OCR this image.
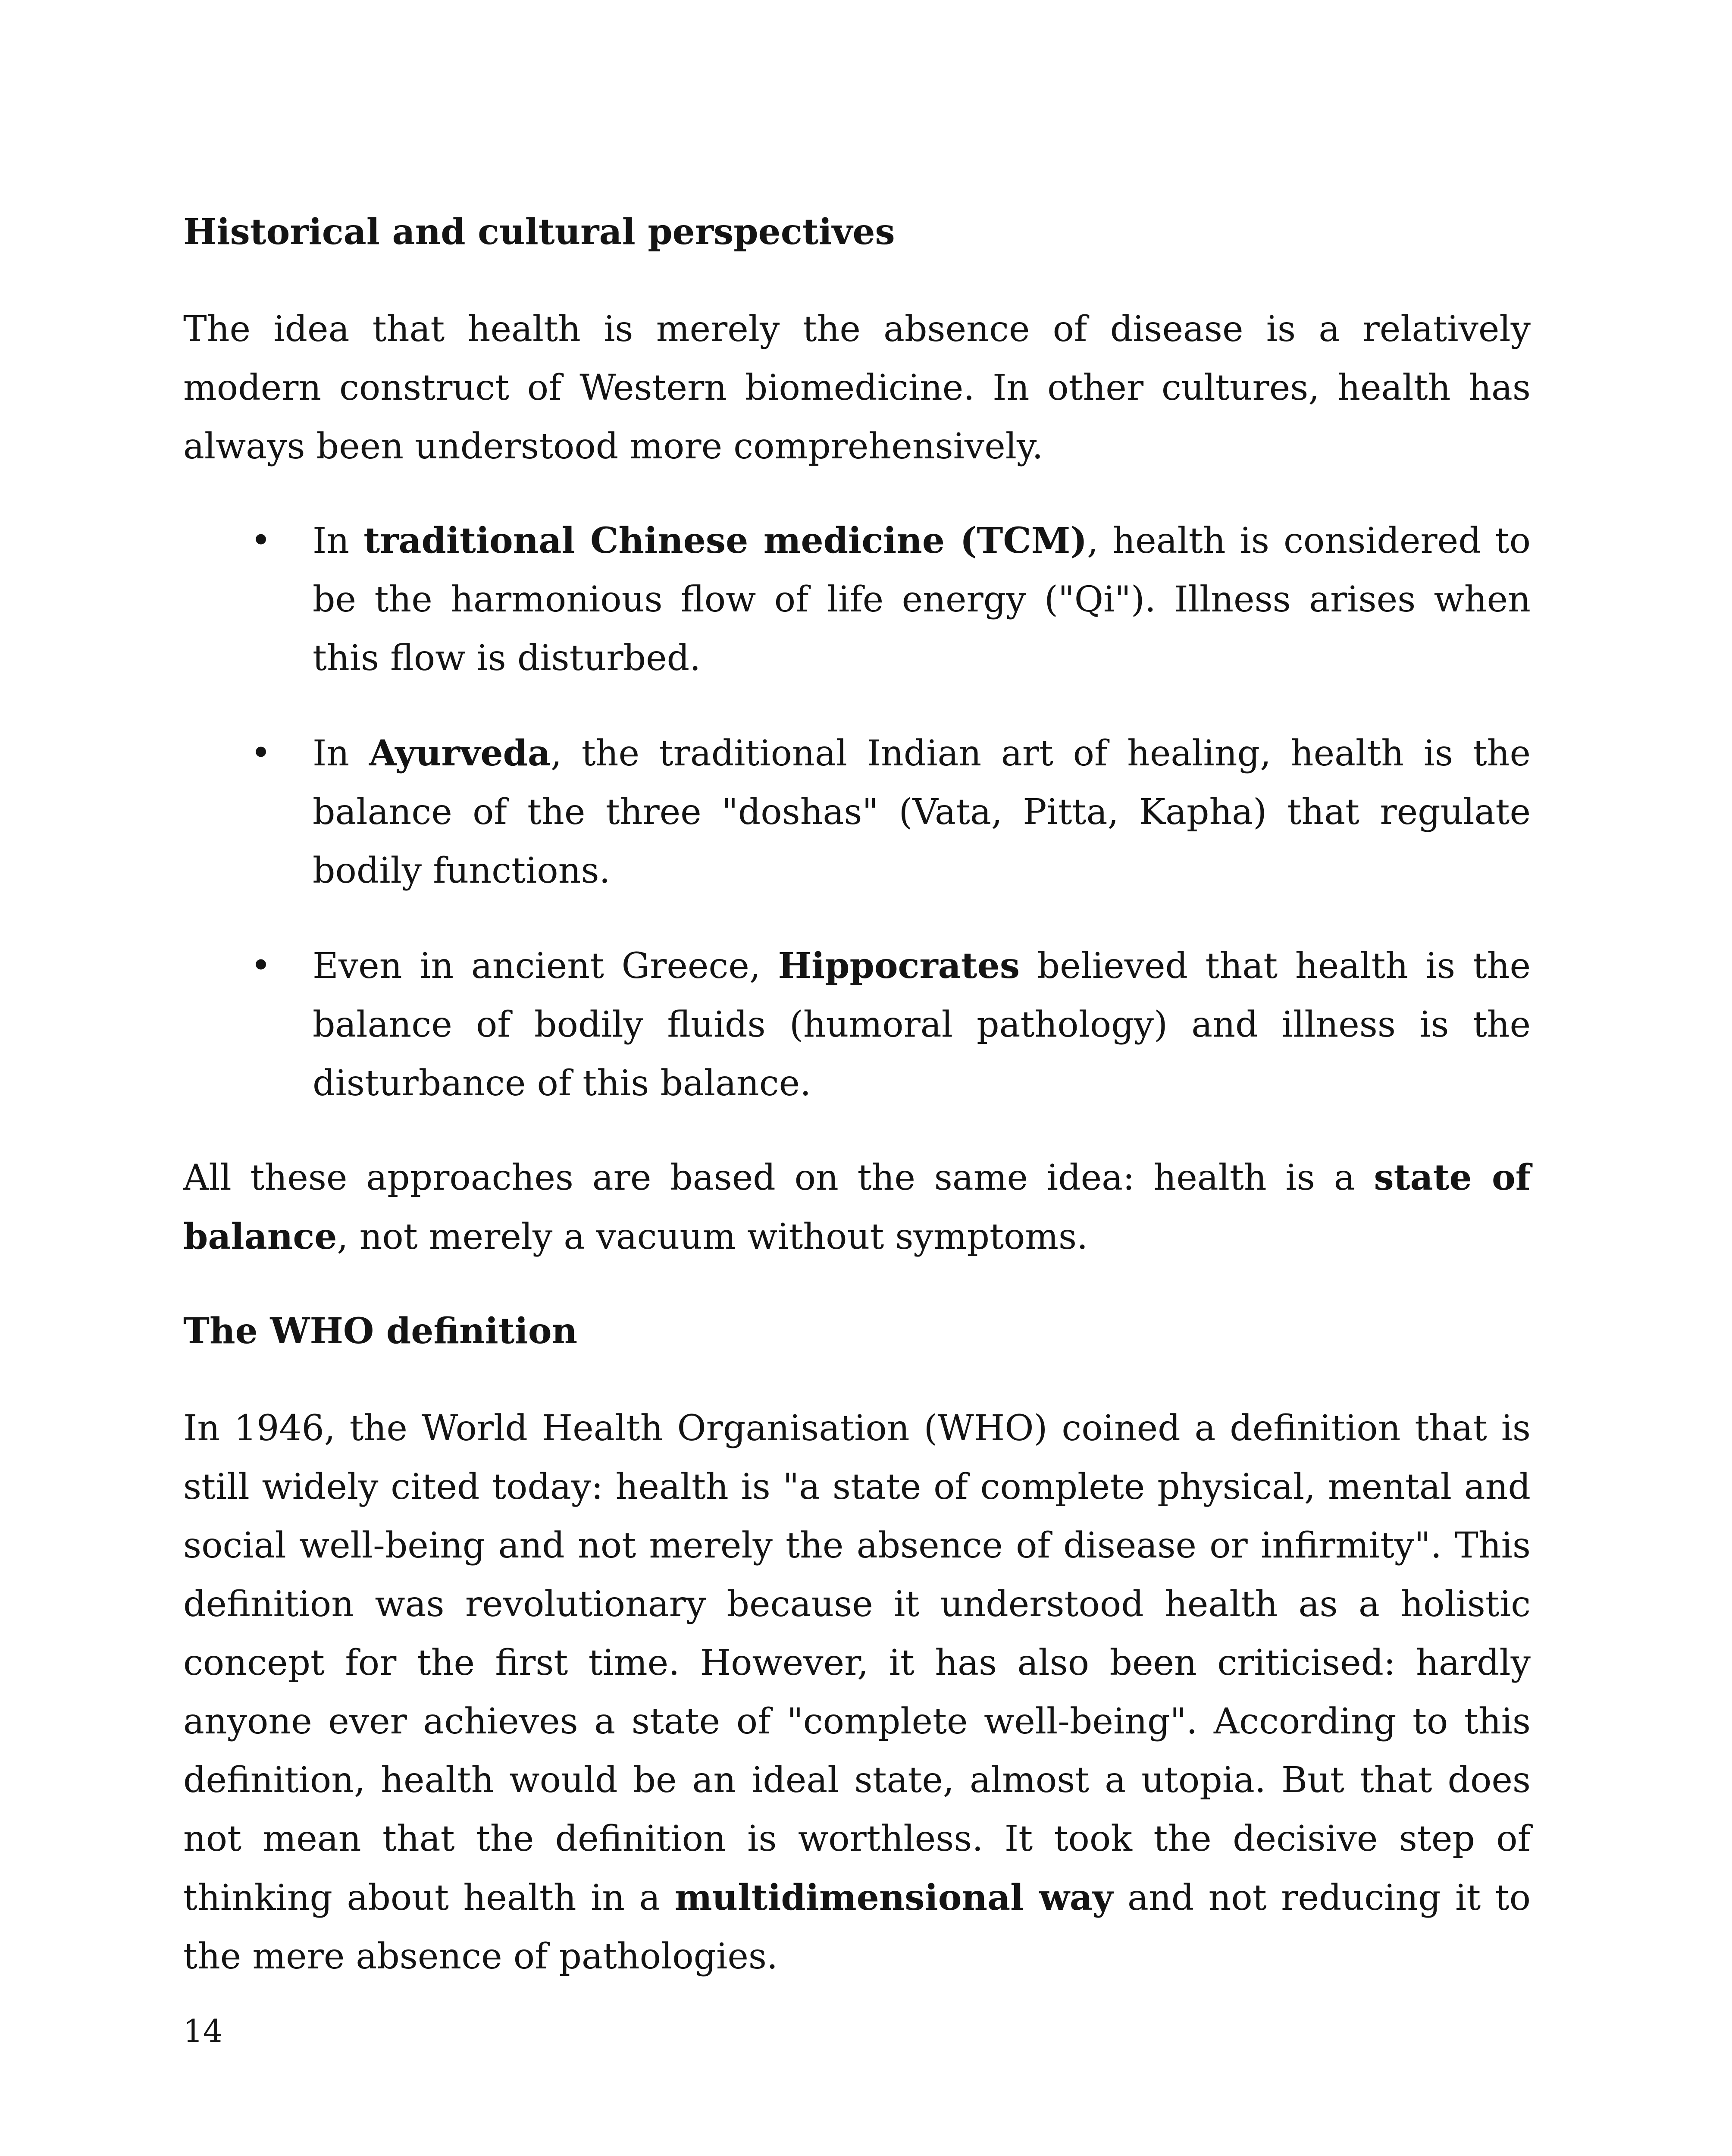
Historical and cultural perspectives

The idea that health is merely the absence of disease is a relatively modern construct of Western biomedicine. In other cultures, health has always been understood more comprehensively.

• In traditional Chinese medicine (TCM), health is considered to be the harmonious flow of life energy ("Qi"). Illness arises when this flow is disturbed.
• In Ayurveda, the traditional Indian art of healing, health is the balance of the three "doshas" (Vata, Pitta, Kapha) that regulate bodily functions.
• Even in ancient Greece, Hippocrates believed that health is the balance of bodily fluids (humoral pathology) and illness is the disturbance of this balance.

All these approaches are based on the same idea: health is a state of balance, not merely a vacuum without symptoms.

The WHO definition

In 1946, the World Health Organisation (WHO) coined a definition that is still widely cited today: health is "a state of complete physical, mental and social well-being and not merely the absence of disease or infirmity". This definition was revolutionary because it understood health as a holistic concept for the first time. However, it has also been criticised: hardly anyone ever achieves a state of "complete well-being". According to this definition, health would be an ideal state, almost a utopia. But that does not mean that the definition is worthless. It took the decisive step of thinking about health in a multidimensional way and not reducing it to the mere absence of pathologies.

14
